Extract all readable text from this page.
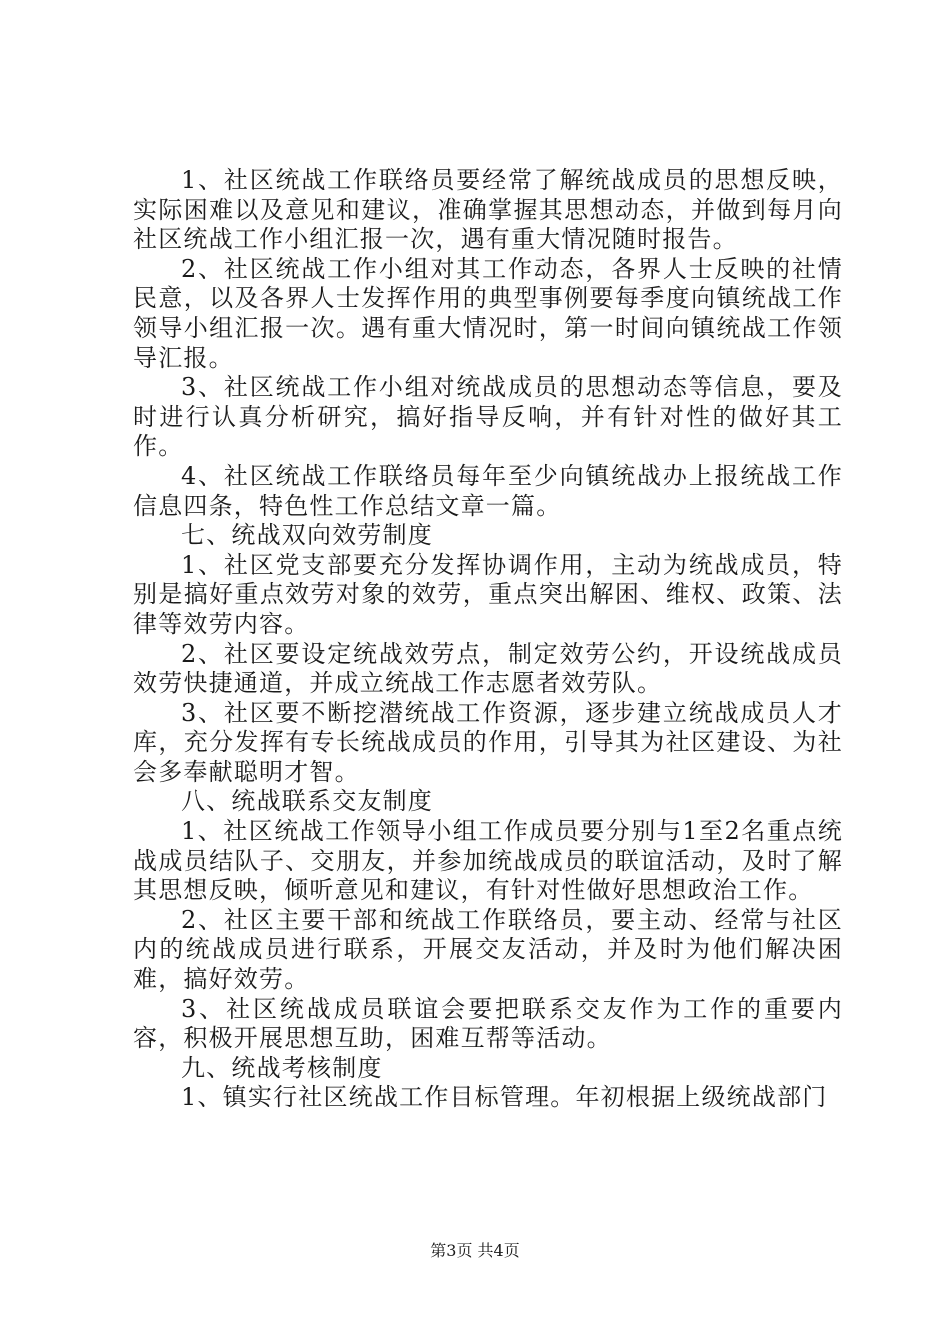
1、社区统战工作联络员要经常了解统战成员的思想反映，实际困难以及意见和建议，准确掌握其思想动态，并做到每月向社区统战工作小组汇报一次，遇有重大情况随时报告。

2、社区统战工作小组对其工作动态，各界人士反映的社情民意，以及各界人士发挥作用的典型事例要每季度向镇统战工作领导小组汇报一次。遇有重大情况时，第一时间向镇统战工作领导汇报。

3、社区统战工作小组对统战成员的思想动态等信息，要及时进行认真分析研究，搞好指导反响，并有针对性的做好其工作。

4、社区统战工作联络员每年至少向镇统战办上报统战工作信息四条，特色性工作总结文章一篇。

七、统战双向效劳制度

1、社区党支部要充分发挥协调作用，主动为统战成员，特别是搞好重点效劳对象的效劳，重点突出解困、维权、政策、法律等效劳内容。

2、社区要设定统战效劳点，制定效劳公约，开设统战成员效劳快捷通道，并成立统战工作志愿者效劳队。

3、社区要不断挖潜统战工作资源，逐步建立统战成员人才库，充分发挥有专长统战成员的作用，引导其为社区建设、为社会多奉献聪明才智。

八、统战联系交友制度

1、社区统战工作领导小组工作成员要分别与1至2名重点统战成员结队子、交朋友，并参加统战成员的联谊活动，及时了解其思想反映，倾听意见和建议，有针对性做好思想政治工作。

2、社区主要干部和统战工作联络员，要主动、经常与社区内的统战成员进行联系，开展交友活动，并及时为他们解决困难，搞好效劳。

3、社区统战成员联谊会要把联系交友作为工作的重要内容，积极开展思想互助，困难互帮等活动。

九、统战考核制度

1、镇实行社区统战工作目标管理。年初根据上级统战部门

第3页 共4页
